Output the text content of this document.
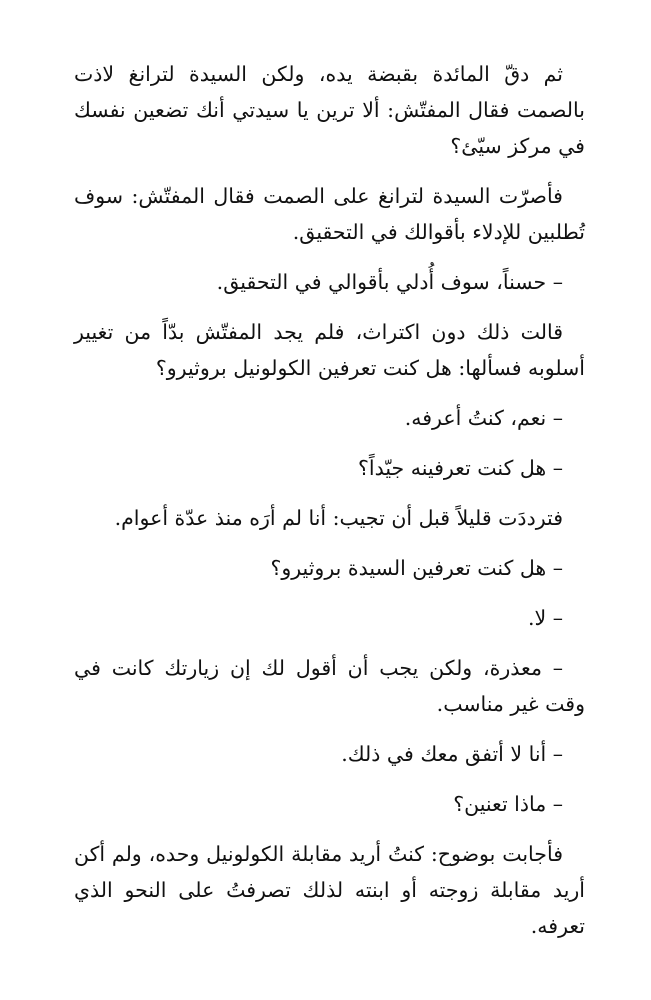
ثم دقّ المائدة بقبضة يده، ولكن السيدة لترانغ لاذت بالصمت فقال المفتّش: ألا ترين يا سيدتي أنك تضعين نفسك في مركز سيّئ؟

فأصرّت السيدة لترانغ على الصمت فقال المفتّش: سوف تُطلبين للإدلاء بأقوالك في التحقيق.

– حسناً، سوف أُدلي بأقوالي في التحقيق.

قالت ذلك دون اكتراث، فلم يجد المفتّش بدّاً من تغيير أسلوبه فسألها: هل كنت تعرفين الكولونيل بروثيرو؟

– نعم، كنتُ أعرفه.

– هل كنت تعرفينه جيّداً؟

فترددَت قليلاً قبل أن تجيب: أنا لم أرَه منذ عدّة أعوام.

– هل كنت تعرفين السيدة بروثيرو؟

– لا.

– معذرة، ولكن يجب أن أقول لك إن زيارتك كانت في وقت غير مناسب.

– أنا لا أتفق معك في ذلك.

– ماذا تعنين؟

فأجابت بوضوح: كنتُ أريد مقابلة الكولونيل وحده، ولم أكن أريد مقابلة زوجته أو ابنته لذلك تصرفتُ على النحو الذي تعرفه.
